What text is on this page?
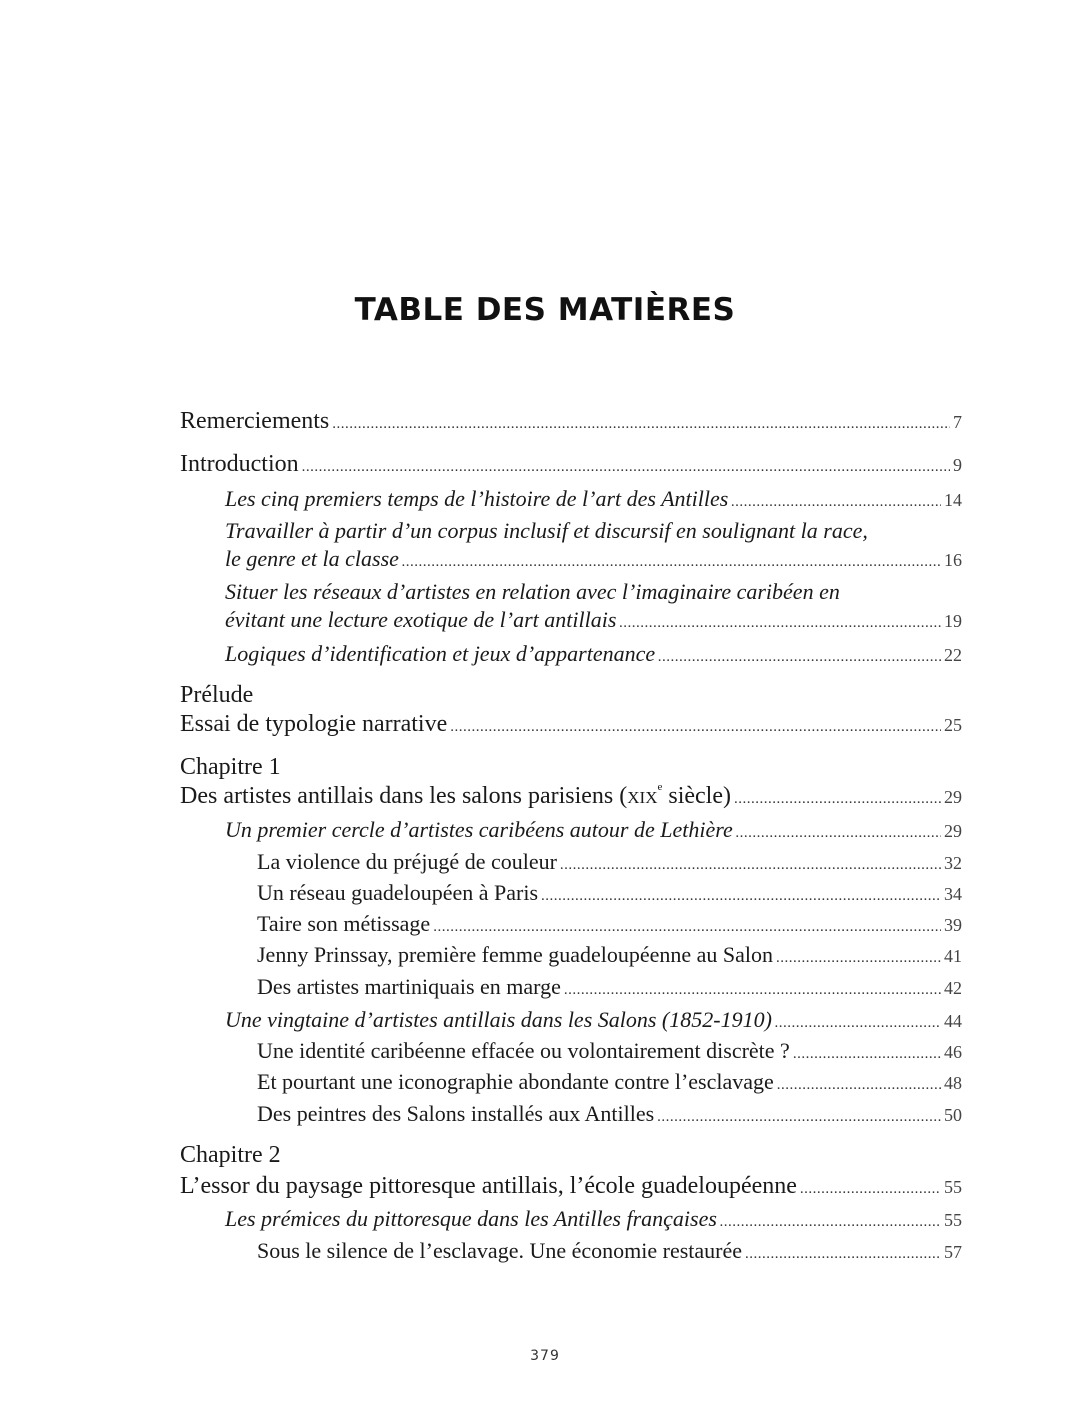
TABLE DES MATIÈRES
Remerciements .....	7
Introduction .....	9
Les cinq premiers temps de l’histoire de l’art des Antilles .....	14
Travailler à partir d’un corpus inclusif et discursif en soulignant la race,
le genre et la classe .....	16
Situer les réseaux d’artistes en relation avec l’imaginaire caribéen en
évitant une lecture exotique de l’art antillais .....	19
Logiques d’identification et jeux d’appartenance .....	22
Prélude
Essai de typologie narrative .....	25
Chapitre 1
Des artistes antillais dans les salons parisiens (xix$^e$ siècle) .....	29
Un premier cercle d’artistes caribéens autour de Lethière .....	29
La violence du préjugé de couleur .....	32
Un réseau guadeloupéen à Paris .....	34
Taire son métissage .....	39
Jenny Prinssay, première femme guadeloupéenne au Salon .....	41
Des artistes martiniquais en marge .....	42
Une vingtaine d’artistes antillais dans les Salons (1852-1910) .....	44
Une identité caribéenne effacée ou volontairement discrète ? .....	46
Et pourtant une iconographie abondante contre l’esclavage .....	48
Des peintres des Salons installés aux Antilles .....	50
Chapitre 2
L’essor du paysage pittoresque antillais, l’école guadeloupéenne .....	55
Les prémices du pittoresque dans les Antilles françaises .....	55
Sous le silence de l’esclavage. Une économie restaurée .....	57
379
